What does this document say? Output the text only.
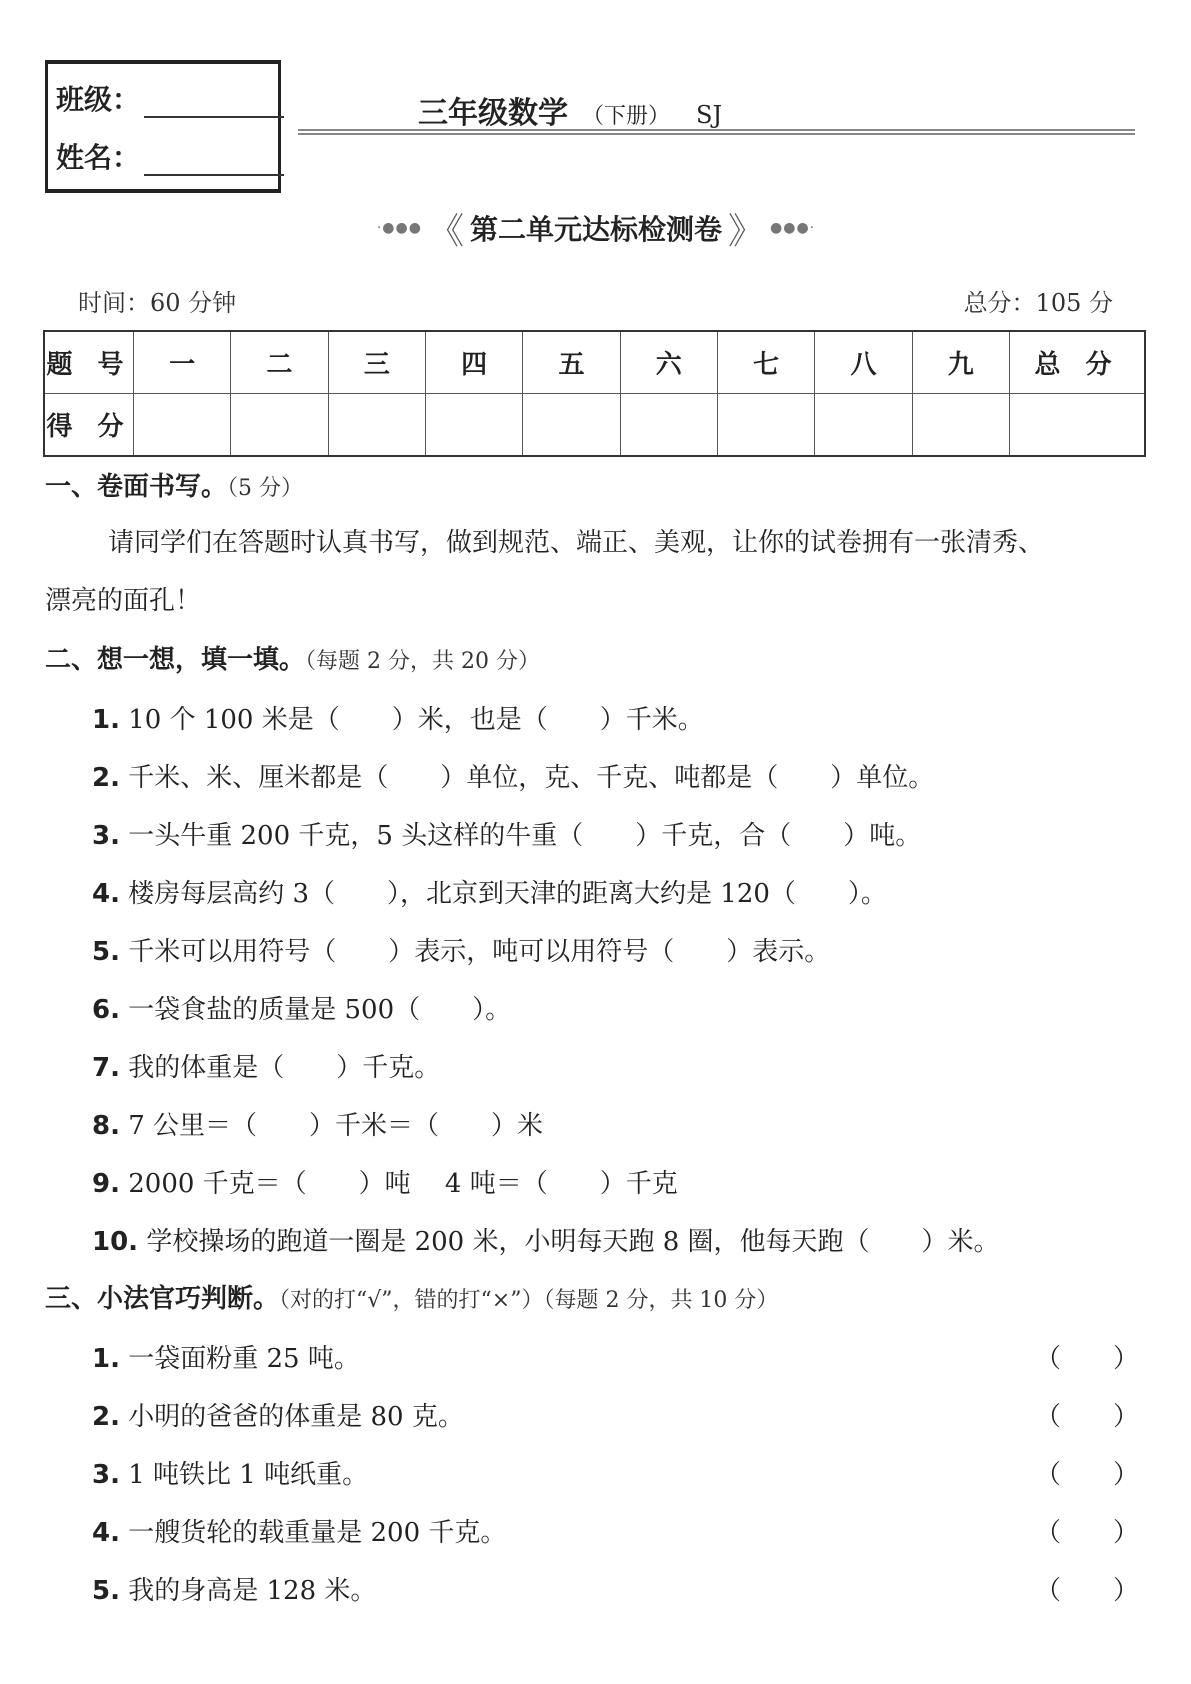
班级：
姓名：
三年级数学 （下册） SJ
·●●● 《 第二单元达标检测卷 》 ●●●·
时间：60 分钟	总分：105 分
题 号	一	二	三	四	五	六	七	八	九	总 分
得 分										
一、卷面书写。（5 分）
请同学们在答题时认真书写，做到规范、端正、美观，让你的试卷拥有一张清秀、
漂亮的面孔！
二、想一想，填一填。（每题 2 分，共 20 分）
1. 10 个 100 米是（　　）米，也是（　　）千米。
2. 千米、米、厘米都是（　　）单位，克、千克、吨都是（　　）单位。
3. 一头牛重 200 千克，5 头这样的牛重（　　）千克，合（　　）吨。
4. 楼房每层高约 3（　　），北京到天津的距离大约是 120（　　）。
5. 千米可以用符号（　　）表示，吨可以用符号（　　）表示。
6. 一袋食盐的质量是 500（　　）。
7. 我的体重是（　　）千克。
8. 7 公里＝（　　）千米＝（　　）米
9. 2000 千克＝（　　）吨　 4 吨＝（　　）千克
10. 学校操场的跑道一圈是 200 米，小明每天跑 8 圈，他每天跑（　　）米。
三、小法官巧判断。（对的打“√”，错的打“×”）（每题 2 分，共 10 分）
1. 一袋面粉重 25 吨。	（　　）
2. 小明的爸爸的体重是 80 克。	（　　）
3. 1 吨铁比 1 吨纸重。	（　　）
4. 一艘货轮的载重量是 200 千克。	（　　）
5. 我的身高是 128 米。	（　　）
